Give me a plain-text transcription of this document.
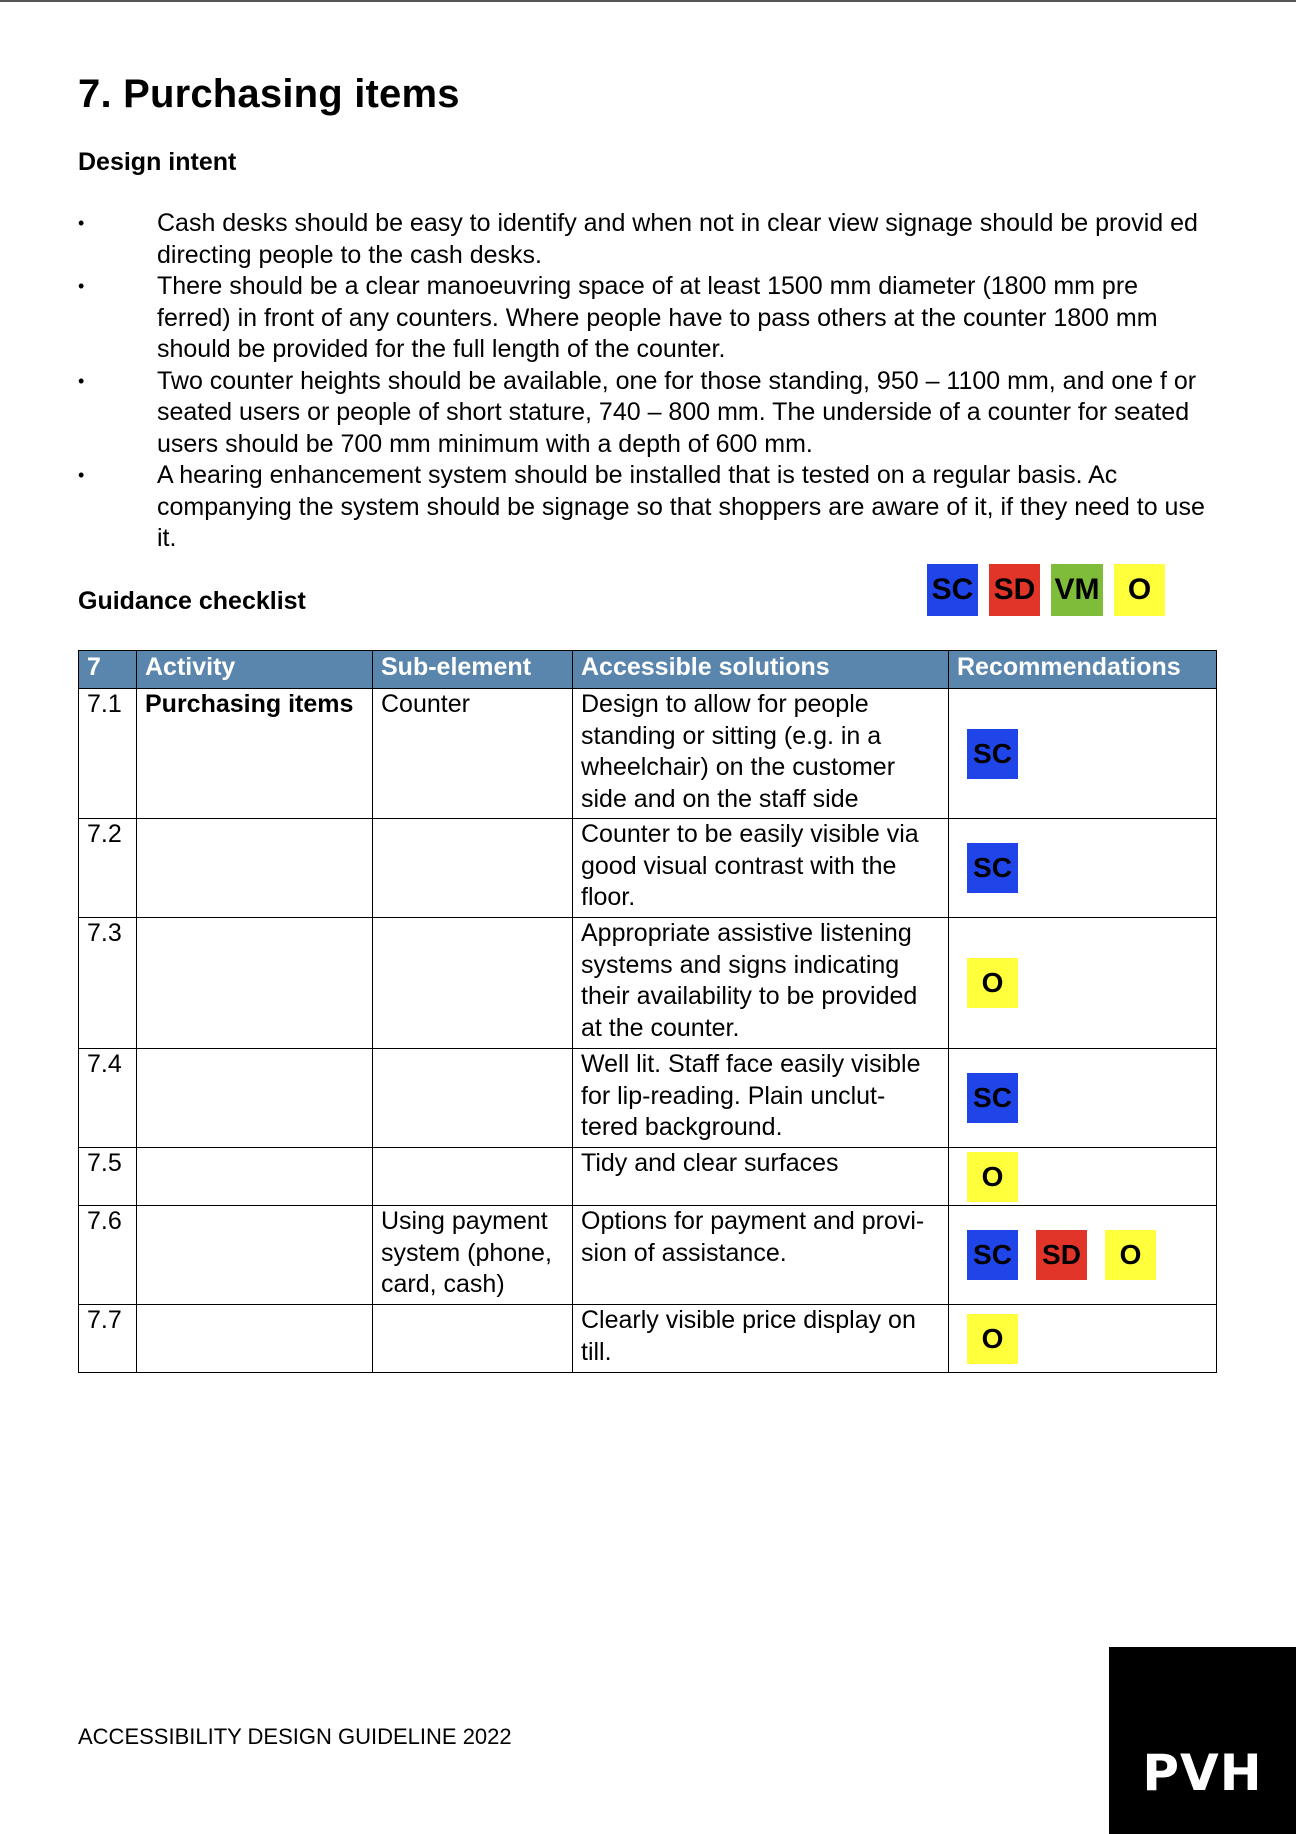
7. Purchasing items
Design intent
•	Cash desks should be easy to identify and when not in clear view signage should be provid ed directing people to the cash desks.
•	There should be a clear manoeuvring space of at least 1500 mm diameter (1800 mm pre ferred) in front of any counters. Where people have to pass others at the counter 1800 mm should be provided for the full length of the counter.
•	Two counter heights should be available, one for those standing, 950 – 1100 mm, and one f or seated users or people of short stature, 740 – 800 mm. The underside of a counter for seated users should be 700 mm minimum with a depth of 600 mm.
•	A hearing enhancement system should be installed that is tested on a regular basis. Ac companying the system should be signage so that shoppers are aware of it, if they need to use it.
Guidance checklist	SC SD VM O
7	Activity	Sub-element	Accessible solutions	Recommendations
7.1	Purchasing items	Counter	Design to allow for people standing or sitting (e.g. in a wheelchair) on the customer side and on the staff side	SC

7.2			Counter to be easily visible via good visual contrast with the floor.	SC

7.3			Appropriate assistive listening systems and signs indicating their availability to be provided at the counter.	O

7.4			Well lit. Staff face easily visible for lip-reading. Plain unclut-tered background.	SC

7.5			Tidy and clear surfaces	O

7.6		Using payment system (phone, card, cash)	Options for payment and provi-sion of assistance.	SC SD O

7.7			Clearly visible price display on till.	O
ACCESSIBILITY DESIGN GUIDELINE 2022
PVH
